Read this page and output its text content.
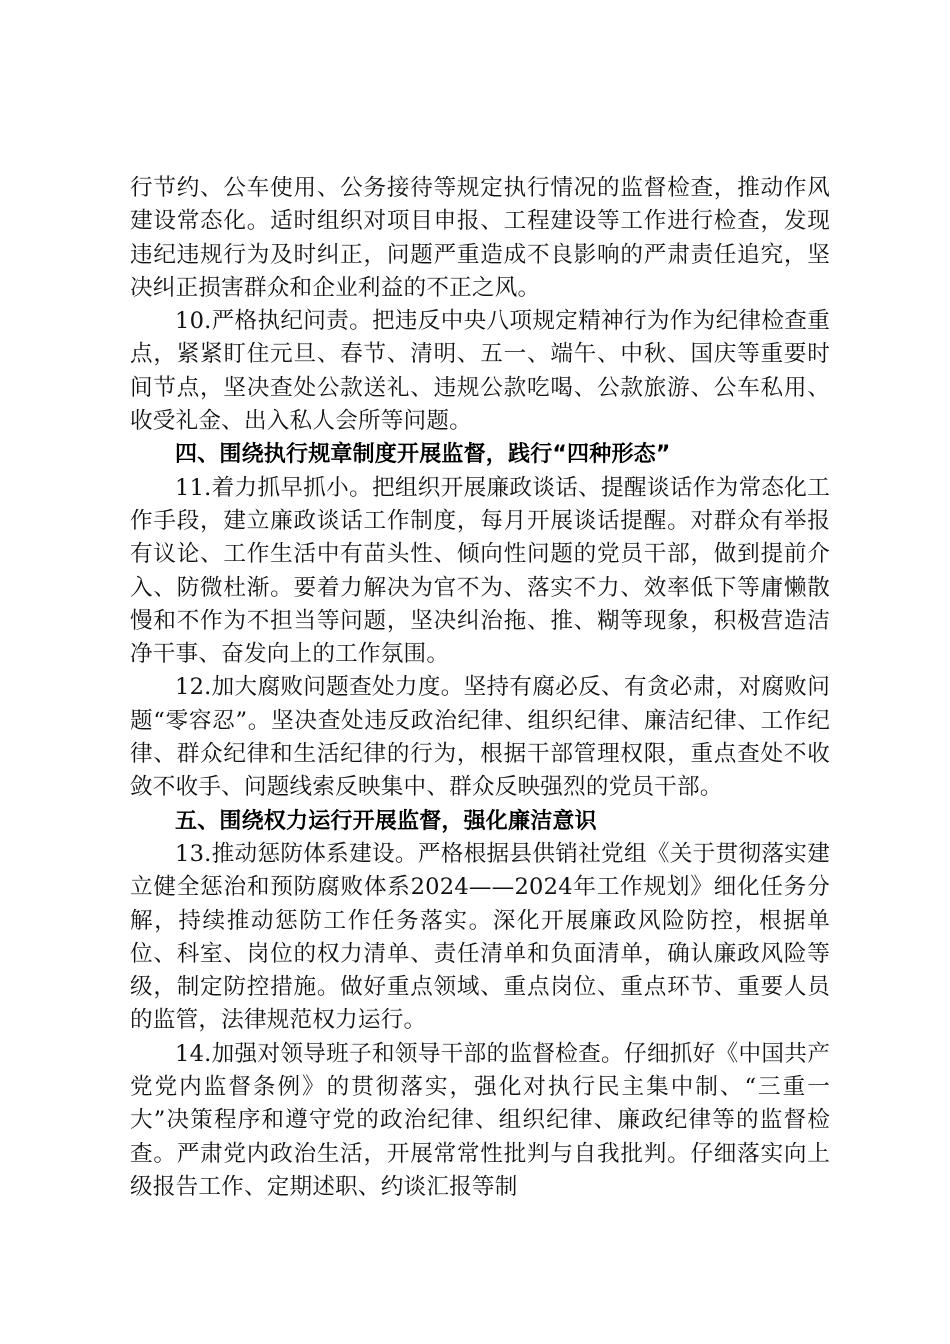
行节约、公车使用、公务接待等规定执行情况的监督检查，推动作风建设常态化。适时组织对项目申报、工程建设等工作进行检查，发现违纪违规行为及时纠正，问题严重造成不良影响的严肃责任追究，坚决纠正损害群众和企业利益的不正之风。

10.严格执纪问责。把违反中央八项规定精神行为作为纪律检查重点，紧紧盯住元旦、春节、清明、五一、端午、中秋、国庆等重要时间节点，坚决查处公款送礼、违规公款吃喝、公款旅游、公车私用、收受礼金、出入私人会所等问题。

四、围绕执行规章制度开展监督，践行“四种形态”

11.着力抓早抓小。把组织开展廉政谈话、提醒谈话作为常态化工作手段，建立廉政谈话工作制度，每月开展谈话提醒。对群众有举报有议论、工作生活中有苗头性、倾向性问题的党员干部，做到提前介入、防微杜渐。要着力解决为官不为、落实不力、效率低下等庸懒散慢和不作为不担当等问题，坚决纠治拖、推、糊等现象，积极营造洁净干事、奋发向上的工作氛围。

12.加大腐败问题查处力度。坚持有腐必反、有贪必肃，对腐败问题“零容忍”。坚决查处违反政治纪律、组织纪律、廉洁纪律、工作纪律、群众纪律和生活纪律的行为，根据干部管理权限，重点查处不收敛不收手、问题线索反映集中、群众反映强烈的党员干部。

五、围绕权力运行开展监督，强化廉洁意识

13.推动惩防体系建设。严格根据县供销社党组《关于贯彻落实建立健全惩治和预防腐败体系2024——2024年工作规划》细化任务分解，持续推动惩防工作任务落实。深化开展廉政风险防控，根据单位、科室、岗位的权力清单、责任清单和负面清单，确认廉政风险等级，制定防控措施。做好重点领域、重点岗位、重点环节、重要人员的监管，法律规范权力运行。

14.加强对领导班子和领导干部的监督检查。仔细抓好《中国共产党党内监督条例》的贯彻落实，强化对执行民主集中制、“三重一大”决策程序和遵守党的政治纪律、组织纪律、廉政纪律等的监督检查。严肃党内政治生活，开展常常性批判与自我批判。仔细落实向上级报告工作、定期述职、约谈汇报等制
